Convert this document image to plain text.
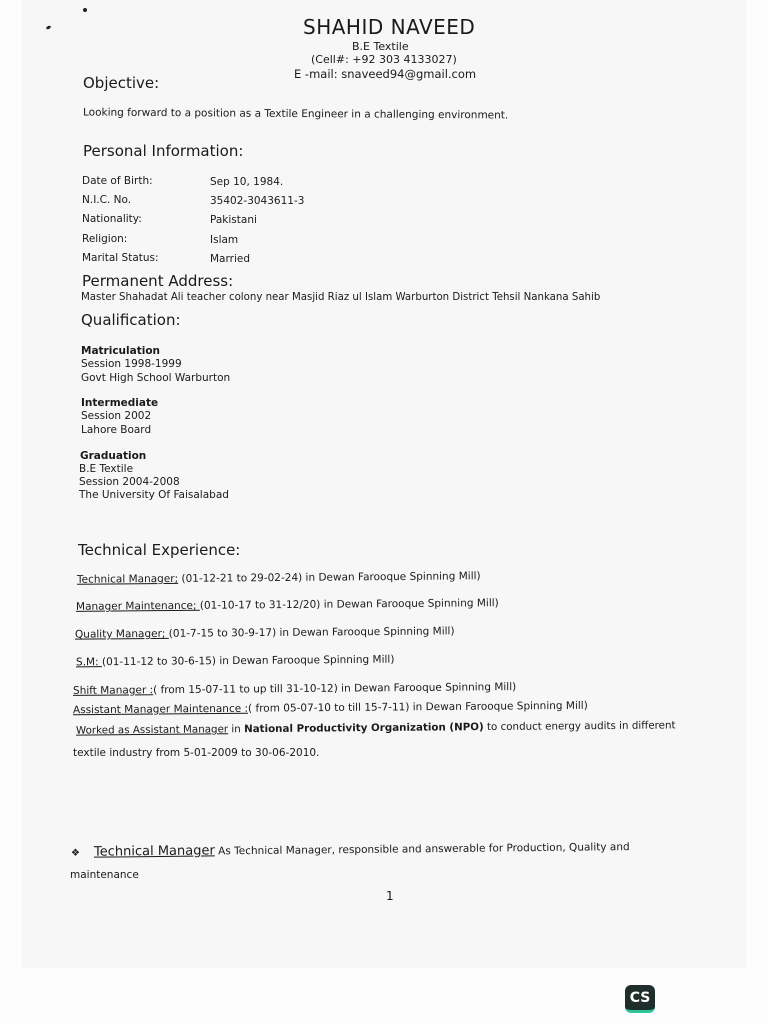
SHAHID NAVEED
B.E Textile
(Cell#: +92 303 4133027)
E -mail: snaveed94@gmail.com
Objective:
Looking forward to a position as a Textile Engineer in a challenging environment.
Personal Information:
Date of Birth:	Sep 10, 1984.
N.I.C. No.	35402-3043611-3
Nationality:	Pakistani
Religion:	Islam
Marital Status:	Married
Permanent Address:
Master Shahadat Ali teacher colony near Masjid Riaz ul Islam Warburton District Tehsil Nankana Sahib
Qualification:
Matriculation
Session 1998-1999
Govt High School Warburton
Intermediate
Session 2002
Lahore Board
Graduation
B.E Textile
Session 2004-2008
The University Of Faisalabad
Technical Experience:
Technical Manager; (01-12-21 to 29-02-24) in Dewan Farooque Spinning Mill)
Manager Maintenance; (01-10-17 to 31-12/20) in Dewan Farooque Spinning Mill)
Quality Manager; (01-7-15 to 30-9-17) in Dewan Farooque Spinning Mill)
S.M: (01-11-12 to 30-6-15) in Dewan Farooque Spinning Mill)
Shift Manager :( from 15-07-11 to up till 31-10-12) in Dewan Farooque Spinning Mill)
Assistant Manager Maintenance :( from 05-07-10 to till 15-7-11) in Dewan Farooque Spinning Mill)
Worked as Assistant Manager in National Productivity Organization (NPO) to conduct energy audits in different
textile industry from 5-01-2009 to 30-06-2010.
❖ Technical Manager As Technical Manager, responsible and answerable for Production, Quality and
maintenance
1
CS
